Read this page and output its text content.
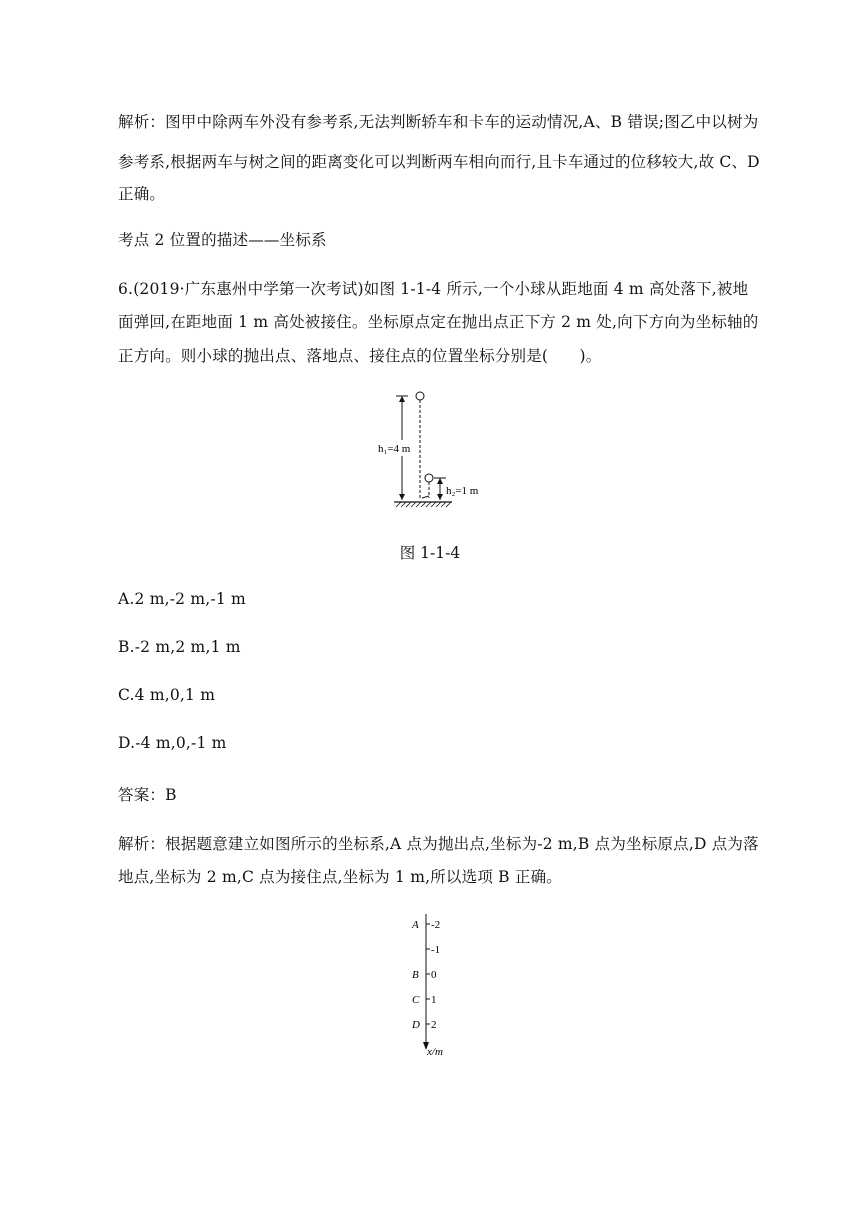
解析：图甲中除两车外没有参考系,无法判断轿车和卡车的运动情况,A、B 错误;图乙中以树为
参考系,根据两车与树之间的距离变化可以判断两车相向而行,且卡车通过的位移较大,故 C、D
正确。
考点 2 位置的描述——坐标系
6.(2019·广东惠州中学第一次考试)如图 1-1-4 所示,一个小球从距地面 4 m 高处落下,被地
面弹回,在距地面 1 m 高处被接住。坐标原点定在抛出点正下方 2 m 处,向下方向为坐标轴的
正方向。则小球的抛出点、落地点、接住点的位置坐标分别是(　　)。
h₁=4 m
h₂=1 m
图 1-1-4
A.2 m,-2 m,-1 m
B.-2 m,2 m,1 m
C.4 m,0,1 m
D.-4 m,0,-1 m
答案：B
解析：根据题意建立如图所示的坐标系,A 点为抛出点,坐标为-2 m,B 点为坐标原点,D 点为落
地点,坐标为 2 m,C 点为接住点,坐标为 1 m,所以选项 B 正确。
-2
A
-1
0
B
1
C
2
D
x/m
